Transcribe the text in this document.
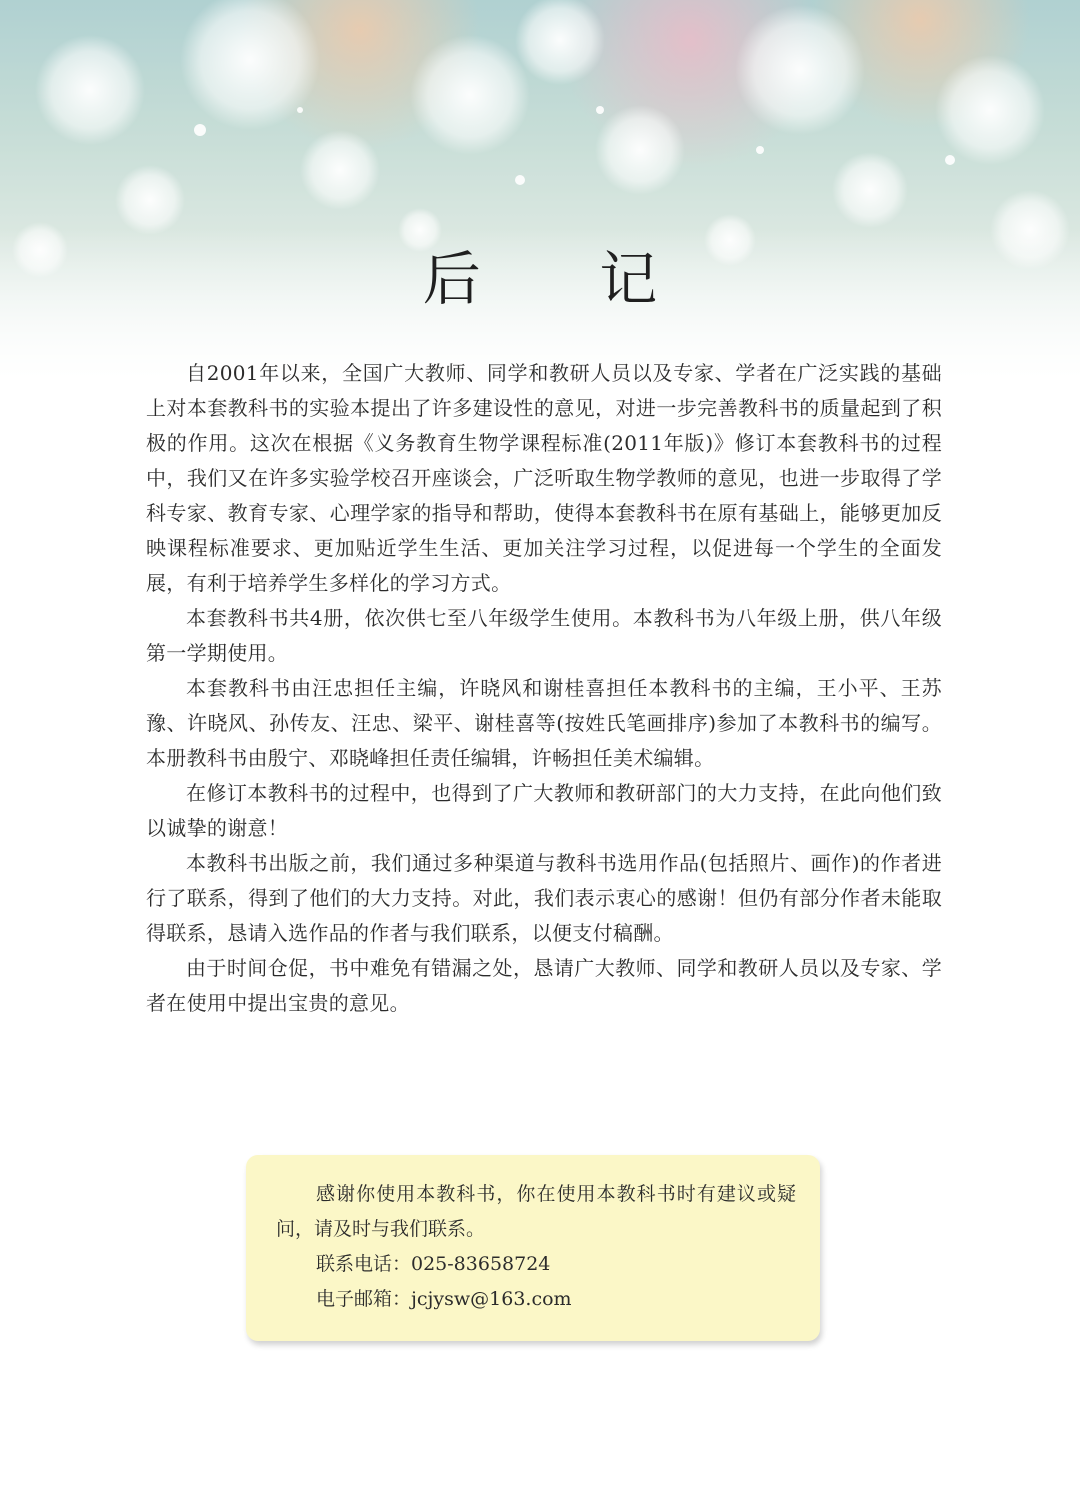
后 记

自2001年以来，全国广大教师、同学和教研人员以及专家、学者在广泛实践的基础上对本套教科书的实验本提出了许多建设性的意见，对进一步完善教科书的质量起到了积极的作用。这次在根据《义务教育生物学课程标准(2011年版)》修订本套教科书的过程中，我们又在许多实验学校召开座谈会，广泛听取生物学教师的意见，也进一步取得了学科专家、教育专家、心理学家的指导和帮助，使得本套教科书在原有基础上，能够更加反映课程标准要求、更加贴近学生生活、更加关注学习过程，以促进每一个学生的全面发展，有利于培养学生多样化的学习方式。

本套教科书共4册，依次供七至八年级学生使用。本教科书为八年级上册，供八年级第一学期使用。

本套教科书由汪忠担任主编，许晓风和谢桂喜担任本教科书的主编，王小平、王苏豫、许晓风、孙传友、汪忠、梁平、谢桂喜等(按姓氏笔画排序)参加了本教科书的编写。本册教科书由殷宁、邓晓峰担任责任编辑，许畅担任美术编辑。

在修订本教科书的过程中，也得到了广大教师和教研部门的大力支持，在此向他们致以诚挚的谢意！

本教科书出版之前，我们通过多种渠道与教科书选用作品(包括照片、画作)的作者进行了联系，得到了他们的大力支持。对此，我们表示衷心的感谢！但仍有部分作者未能取得联系，恳请入选作品的作者与我们联系，以便支付稿酬。

由于时间仓促，书中难免有错漏之处，恳请广大教师、同学和教研人员以及专家、学者在使用中提出宝贵的意见。

感谢你使用本教科书，你在使用本教科书时有建议或疑问，请及时与我们联系。

联系电话：025-83658724

电子邮箱：jcjysw@163.com
